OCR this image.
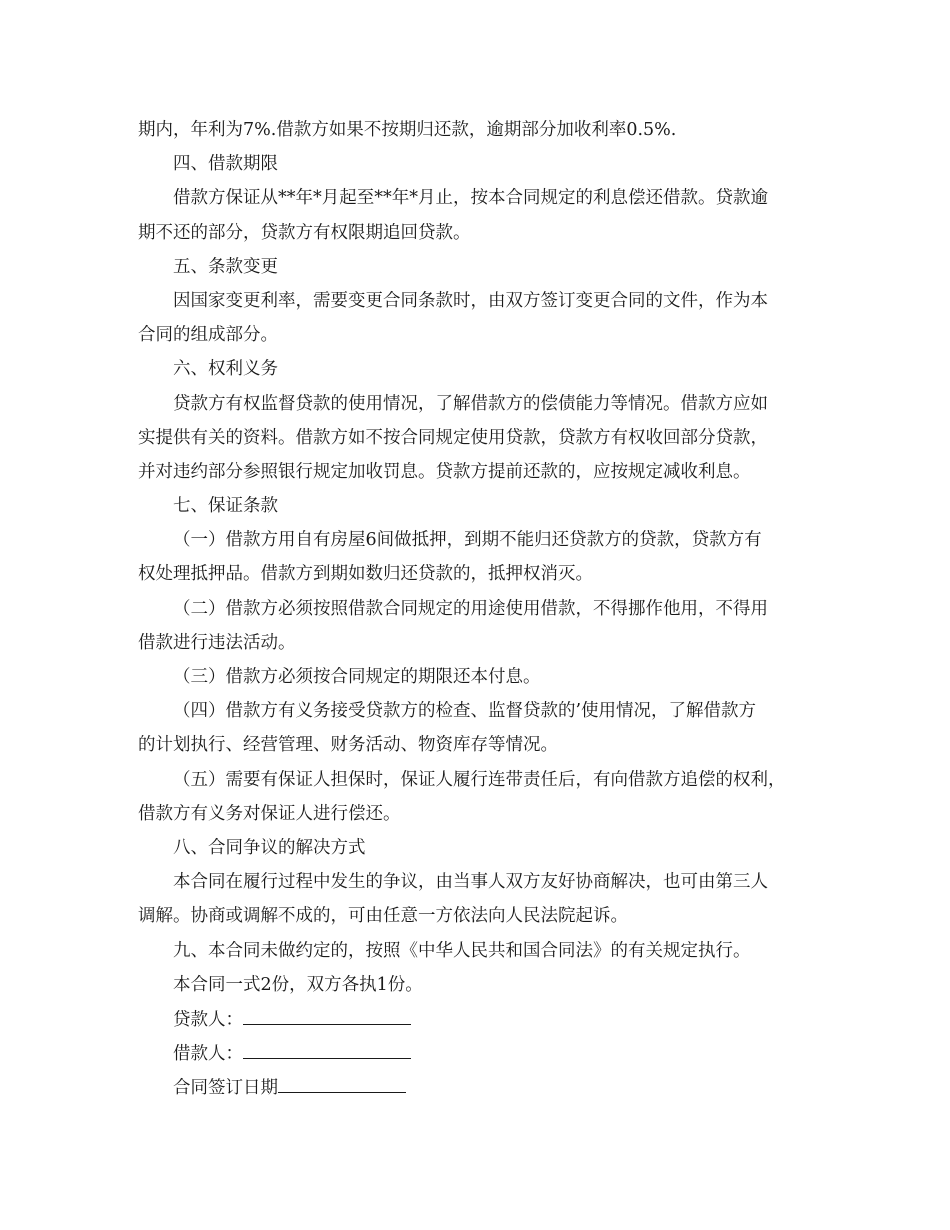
期内，年利为7%.借款方如果不按期归还款，逾期部分加收利率0.5%.
四、借款期限
借款方保证从**年*月起至**年*月止，按本合同规定的利息偿还借款。贷款逾
期不还的部分，贷款方有权限期追回贷款。
五、条款变更
因国家变更利率，需要变更合同条款时，由双方签订变更合同的文件，作为本
合同的组成部分。
六、权利义务
贷款方有权监督贷款的使用情况，了解借款方的偿债能力等情况。借款方应如
实提供有关的资料。借款方如不按合同规定使用贷款，贷款方有权收回部分贷款，
并对违约部分参照银行规定加收罚息。贷款方提前还款的，应按规定减收利息。
七、保证条款
（一）借款方用自有房屋6间做抵押，到期不能归还贷款方的贷款，贷款方有
权处理抵押品。借款方到期如数归还贷款的，抵押权消灭。
（二）借款方必须按照借款合同规定的用途使用借款，不得挪作他用，不得用
借款进行违法活动。
（三）借款方必须按合同规定的期限还本付息。
（四）借款方有义务接受贷款方的检查、监督贷款的’使用情况，了解借款方
的计划执行、经营管理、财务活动、物资库存等情况。
（五）需要有保证人担保时，保证人履行连带责任后，有向借款方追偿的权利，
借款方有义务对保证人进行偿还。
八、合同争议的解决方式
本合同在履行过程中发生的争议，由当事人双方友好协商解决，也可由第三人
调解。协商或调解不成的，可由任意一方依法向人民法院起诉。
九、本合同未做约定的，按照《中华人民共和国合同法》的有关规定执行。
本合同一式2份，双方各执1份。
贷款人：
借款人：
合同签订日期
